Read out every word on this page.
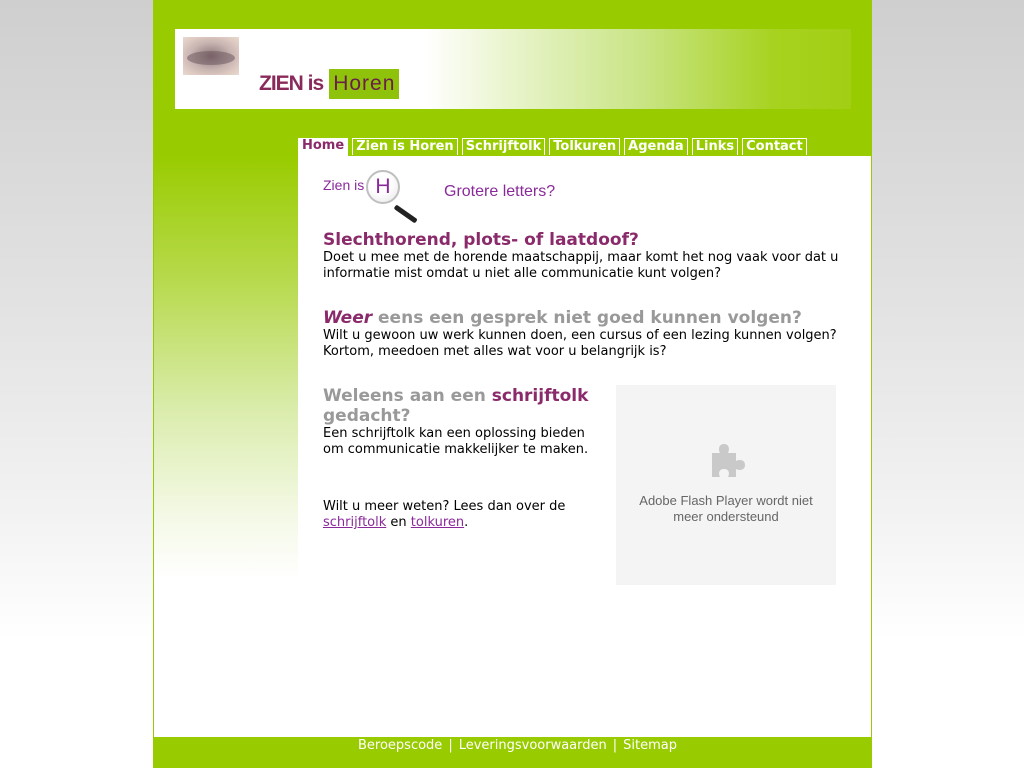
ZIEN is Horen
Home Zien is Horen Schrijftolk Tolkuren Agenda Links Contact
Zien is H	Grotere letters?
Slechthorend, plots- of laatdoof?

Doet u mee met de horende maatschappij, maar komt het nog vaak voor dat u informatie mist omdat u niet alle communicatie kunt volgen?

Weer eens een gesprek niet goed kunnen volgen?

Wilt u gewoon uw werk kunnen doen, een cursus of een lezing kunnen volgen? Kortom, meedoen met alles wat voor u belangrijk is?

Weleens aan een schrijftolk gedacht?

Een schrijftolk kan een oplossing bieden om communicatie makkelijker te maken.

Wilt u meer weten? Lees dan over de
schrijftolk en tolkuren.

Adobe Flash Player wordt niet meer ondersteund
Beroepscode | Leveringsvoorwaarden | Sitemap
